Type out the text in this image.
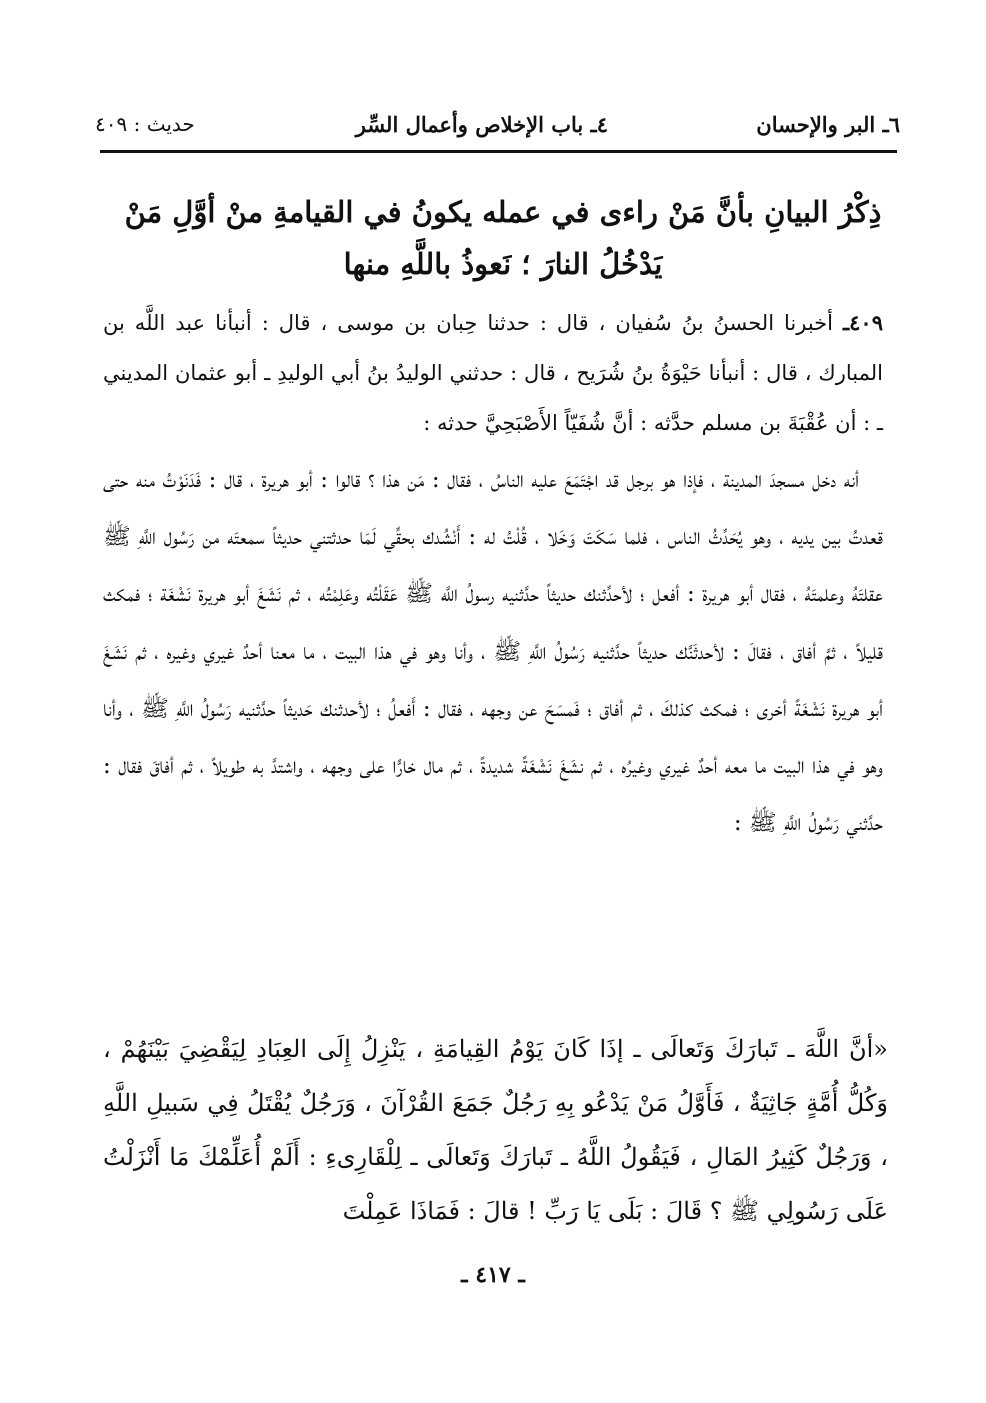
٦ـ البر والإحسان
٤ـ باب الإخلاص وأعمال السِّر
حديث : ٤٠٩
ذِكْرُ البيانِ بأنَّ مَنْ راءى في عمله يكونُ في القيامةِ منْ أوَّلِ مَنْ
يَدْخُلُ النارَ ؛ نَعوذُ باللَّهِ منها
٤٠٩ـ أخبرنا الحسنُ بنُ سُفيان ، قال : حدثنا حِبان بن موسى ، قال : أنبأنا عبد اللَّه بن المبارك ، قال : أنبأنا حَيْوَةُ بنُ شُرَيح ، قال : حدثني الوليدُ بنُ أبي الوليدِ ـ أبو عثمان المديني ـ : أن عُقْبَةَ بن مسلم حدَّثه : أنَّ شُفَيّاً الأَصْبَحِيَّ حدثه :
أنه دخل مسجدَ المدينة ، فإذا هو برجل قد اجْتَمَعَ عليه الناسُ ، فقال : مَن هذا ؟ قالوا : أبو هريرة ، قال : فَدَنَوْتُ منه حتى قعدتُ بين يديه ، وهو يُحَدِّثُ الناس ، فلما سَكَتَ وَخَلا ، قُلْتُ له : أَنْشُدك بحقِّي لَمَا حدثتني حديثاً سمعتَه من رَسُول اللَّهِ ﷺ عقلتَهُ وعلمتَهُ ، فقال أبو هريرة : أفعل ؛ لأحدِّثنك حديثاً حدَّثنيه رسولُ اللَّه ﷺ عَقَلْتُه وعَلِمْتُه ، ثم نَشَغَ أبو هريرة نَشْغَة ؛ فمكث قليلاً ، ثمَّ أفاق ، فقالَ : لأحدثَنَّك حديثاً حدَّثنيه رَسُولُ اللَّهِ ﷺ ، وأنا وهو في هذا البيت ، ما معنا أحدٌ غيري وغيره ، ثم نَشَغَ أبو هريرة نَشْغَةً أخرى ؛ فمكث كذلكَ ، ثم أفاق ؛ فَمسَحَ عن وجهه ، فقال : أَفعلُ ؛ لأحدثنك حَديثاً حدَّثنيه رَسُولُ اللَّهِ ﷺ ، وأنا وهو في هذا البيت ما معه أحدٌ غيري وغيرُه ، ثم نشَغَ نَشْغَةً شديدةً ، ثم مال خارًّا على وجهه ، واشتدَّ به طويلاً ، ثم أفاقَ فقال : حدَّثني رَسُولُ اللَّهِ ﷺ :
«أنَّ اللَّهَ ـ تَبارَكَ وَتَعالَى ـ إذَا كَانَ يَوْمُ القِيامَةِ ، يَنْزِلُ إِلَى العِبَادِ لِيَقْضِيَ بَيْنَهُمْ ، وَكُلُّ أُمَّةٍ جَاثِيَةٌ ، فَأَوَّلُ مَنْ يَدْعُو بِهِ رَجُلٌ جَمَعَ القُرْآنَ ، وَرَجُلٌ يُقْتَلُ فِي سَبيلِ اللَّهِ ، وَرَجُلٌ كَثِيرُ المَالِ ، فَيَقُولُ اللَّهُ ـ تَبارَكَ وَتَعالَى ـ لِلْقَارِىءِ : أَلَمْ أُعَلِّمْكَ مَا أَنْزَلْتُ عَلَى رَسُولِي ﷺ ؟ قَالَ : بَلَى يَا رَبِّ ! قالَ : فَمَاذَا عَمِلْتَ
ـ ٤١٧ ـ
